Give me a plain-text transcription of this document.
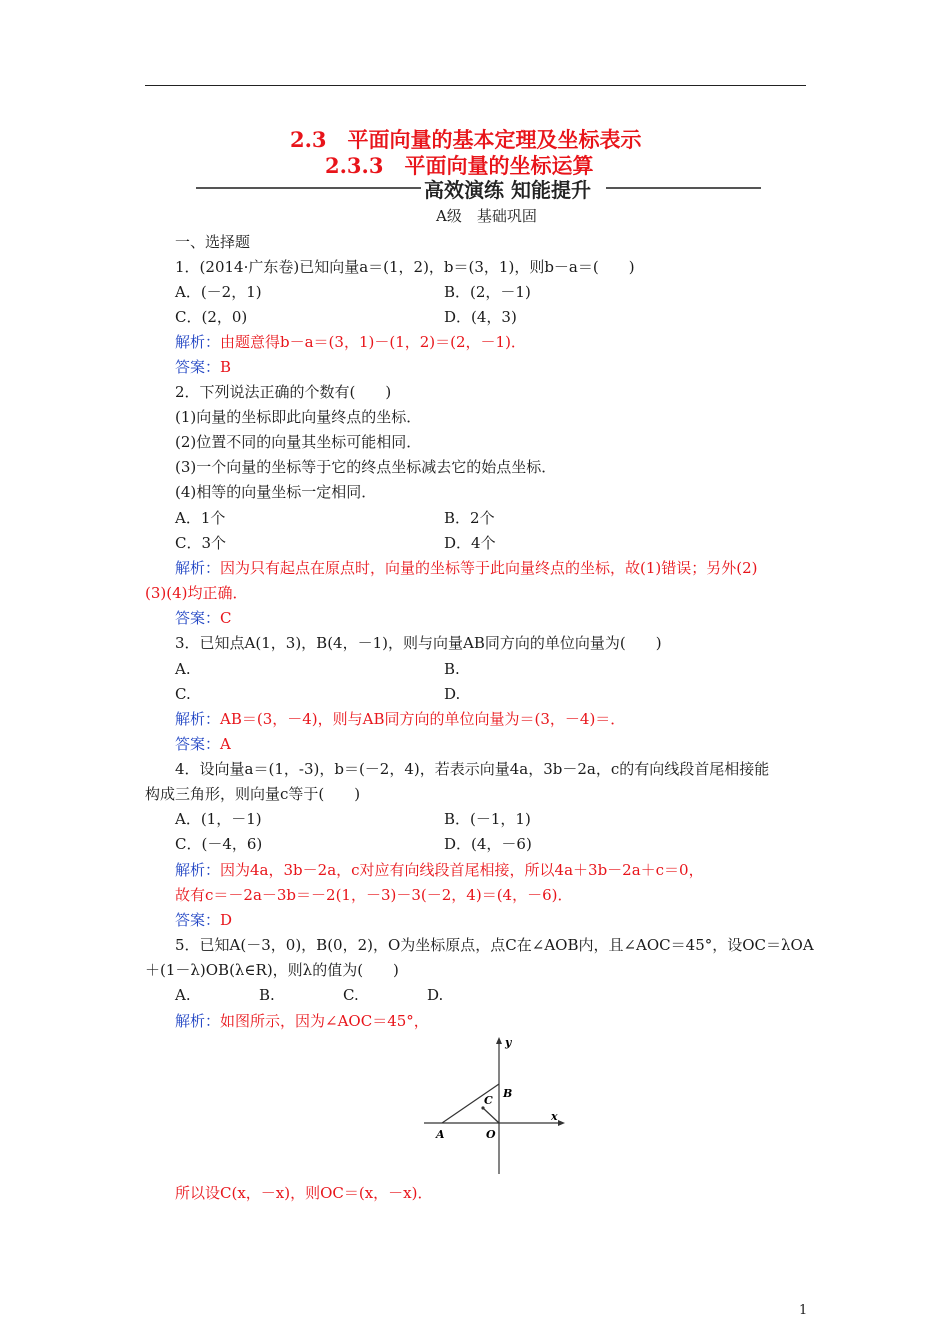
2.3　平面向量的基本定理及坐标表示
2.3.3　平面向量的坐标运算
高效演练 知能提升
A级　基础巩固
一、选择题
1．(2014·广东卷)已知向量a＝(1，2)，b＝(3，1)，则b－a＝(　　)
A．(－2，1)	B．(2，－1)
C．(2，0)	D．(4，3)
解析：由题意得b－a＝(3，1)－(1，2)＝(2，－1)．
答案：B
2．下列说法正确的个数有(　　)
(1)向量的坐标即此向量终点的坐标．
(2)位置不同的向量其坐标可能相同．
(3)一个向量的坐标等于它的终点坐标减去它的始点坐标．
(4)相等的向量坐标一定相同．
A．1个	B．2个
C．3个	D．4个
解析：因为只有起点在原点时，向量的坐标等于此向量终点的坐标，故(1)错误；另外(2)
(3)(4)均正确．
答案：C
3．已知点A(1，3)，B(4，－1)，则与向量AB同方向的单位向量为(　　)
A.	B.
C.	D.
解析：AB＝(3，－4)，则与AB同方向的单位向量为＝(3，－4)＝．
答案：A
4．设向量a＝(1，-3)，b＝(－2，4)，若表示向量4a，3b－2a，c的有向线段首尾相接能
构成三角形，则向量c等于(　　)
A．(1，－1)	B．(－1，1)
C．(－4，6)	D．(4，－6)
解析：因为4a，3b－2a，c对应有向线段首尾相接，所以4a＋3b－2a＋c＝0，
故有c＝－2a－3b＝－2(1，－3)－3(－2，4)＝(4，－6)．
答案：D
5．已知A(－3，0)，B(0，2)，O为坐标原点，点C在∠AOB内，且∠AOC＝45°，设OC＝λOA
＋(1－λ)OB(λ∈R)，则λ的值为(　　)
A.	B.	C.	D.
解析：如图所示，因为∠AOC＝45°，
y
x
B
C
A	O
所以设C(x，－x)，则OC＝(x，－x)．
1
